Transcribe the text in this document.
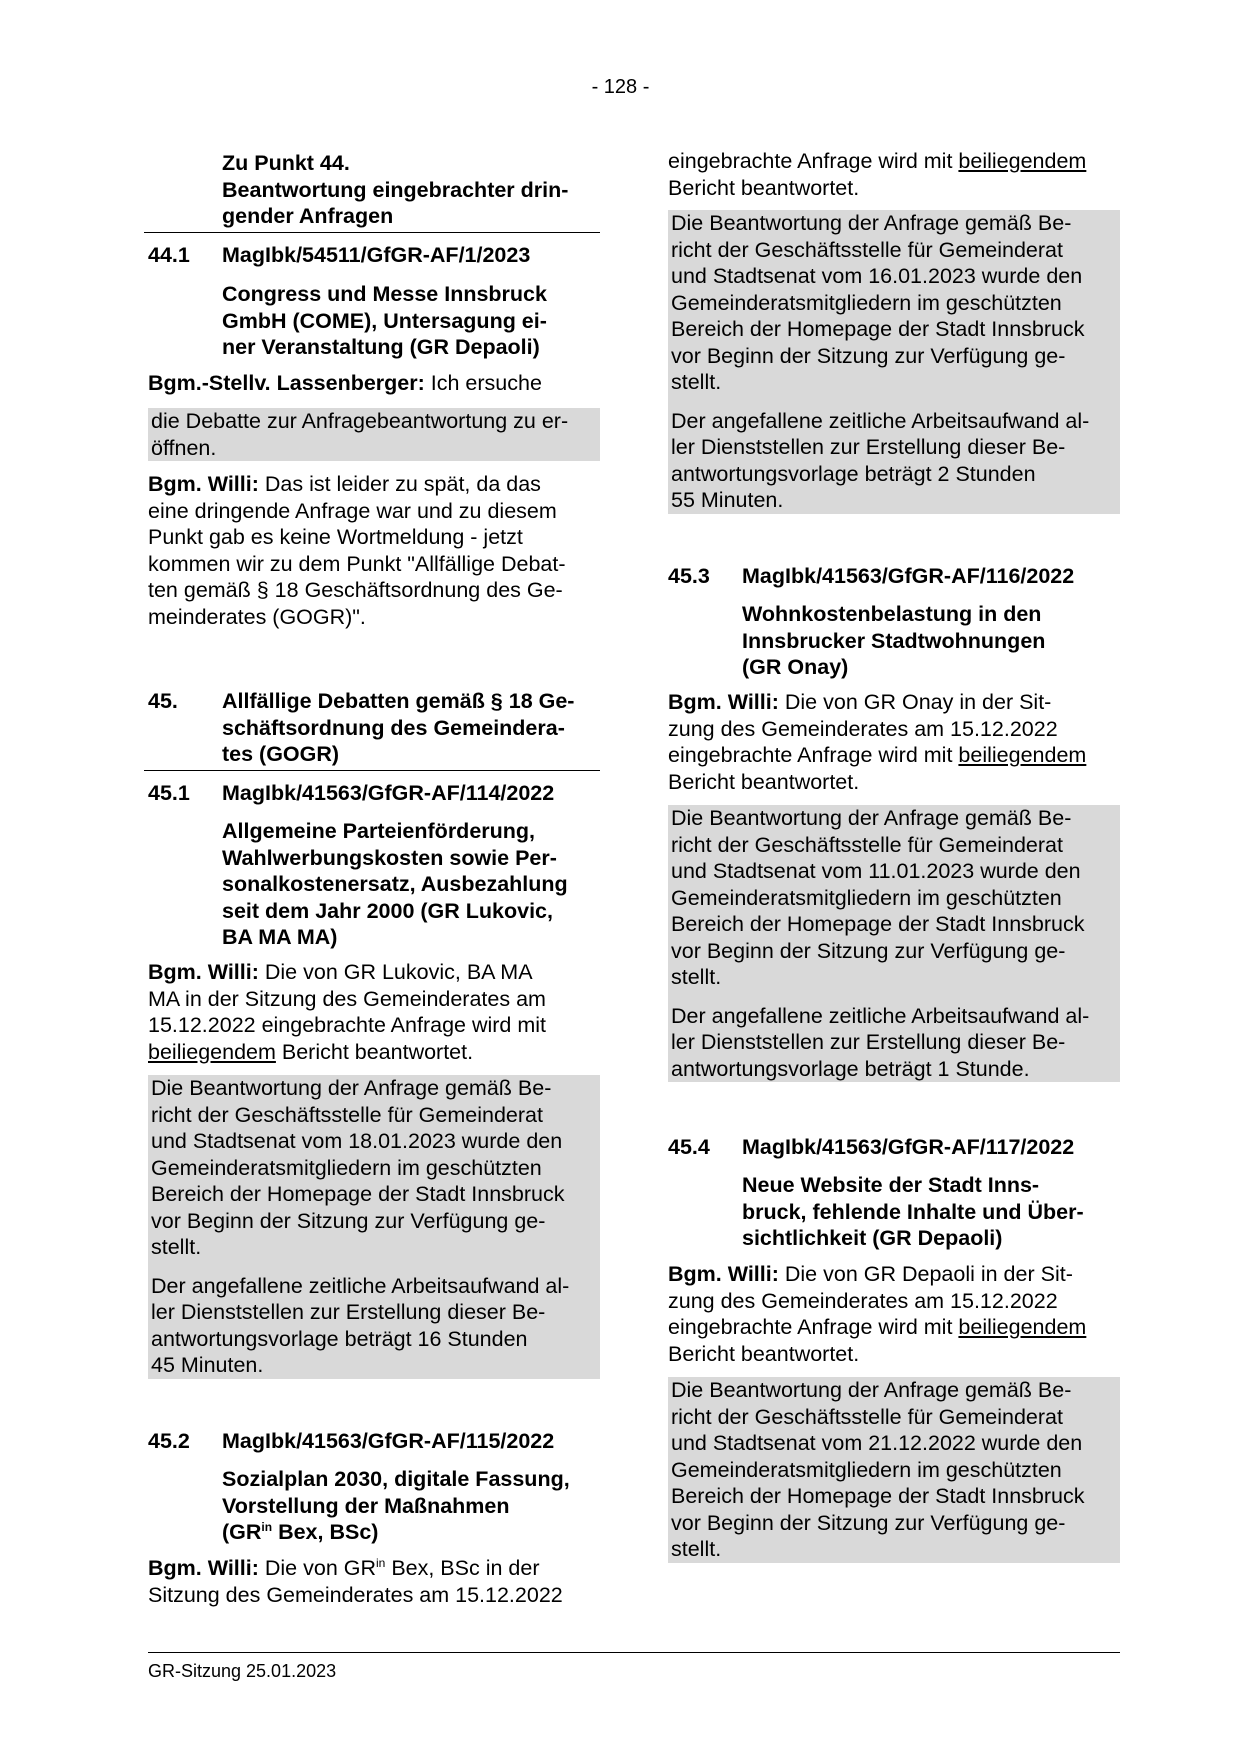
- 128 -
Zu Punkt 44.
Beantwortung eingebrachter drin-
gender Anfragen
44.1 MagIbk/54511/GfGR-AF/1/2023
Congress und Messe Innsbruck
GmbH (COME), Untersagung ei-
ner Veranstaltung (GR Depaoli)
Bgm.-Stellv. Lassenberger: Ich ersuche
die Debatte zur Anfragebeantwortung zu er-
öffnen.
Bgm. Willi: Das ist leider zu spät, da das
eine dringende Anfrage war und zu diesem
Punkt gab es keine Wortmeldung - jetzt
kommen wir zu dem Punkt "Allfällige Debat-
ten gemäß § 18 Geschäftsordnung des Ge-
meinderates (GOGR)".
45. Allfällige Debatten gemäß § 18 Ge-
schäftsordnung des Gemeindera-
tes (GOGR)
45.1 MagIbk/41563/GfGR-AF/114/2022
Allgemeine Parteienförderung,
Wahlwerbungskosten sowie Per-
sonalkostenersatz, Ausbezahlung
seit dem Jahr 2000 (GR Lukovic,
BA MA MA)
Bgm. Willi: Die von GR Lukovic, BA MA
MA in der Sitzung des Gemeinderates am
15.12.2022 eingebrachte Anfrage wird mit
beiliegendem Bericht beantwortet.
Die Beantwortung der Anfrage gemäß Be-
richt der Geschäftsstelle für Gemeinderat
und Stadtsenat vom 18.01.2023 wurde den
Gemeinderatsmitgliedern im geschützten
Bereich der Homepage der Stadt Innsbruck
vor Beginn der Sitzung zur Verfügung ge-
stellt.
Der angefallene zeitliche Arbeitsaufwand al-
ler Dienststellen zur Erstellung dieser Be-
antwortungsvorlage beträgt 16 Stunden
45 Minuten.
45.2 MagIbk/41563/GfGR-AF/115/2022
Sozialplan 2030, digitale Fassung,
Vorstellung der Maßnahmen
($GR^{in}$ Bex, BSc)
Bgm. Willi: Die von $GR^{in}$ Bex, BSc in der
Sitzung des Gemeinderates am 15.12.2022
eingebrachte Anfrage wird mit beiliegendem
Bericht beantwortet.
Die Beantwortung der Anfrage gemäß Be-
richt der Geschäftsstelle für Gemeinderat
und Stadtsenat vom 16.01.2023 wurde den
Gemeinderatsmitgliedern im geschützten
Bereich der Homepage der Stadt Innsbruck
vor Beginn der Sitzung zur Verfügung ge-
stellt.
Der angefallene zeitliche Arbeitsaufwand al-
ler Dienststellen zur Erstellung dieser Be-
antwortungsvorlage beträgt 2 Stunden
55 Minuten.
45.3 MagIbk/41563/GfGR-AF/116/2022
Wohnkostenbelastung in den
Innsbrucker Stadtwohnungen
(GR Onay)
Bgm. Willi: Die von GR Onay in der Sit-
zung des Gemeinderates am 15.12.2022
eingebrachte Anfrage wird mit beiliegendem
Bericht beantwortet.
Die Beantwortung der Anfrage gemäß Be-
richt der Geschäftsstelle für Gemeinderat
und Stadtsenat vom 11.01.2023 wurde den
Gemeinderatsmitgliedern im geschützten
Bereich der Homepage der Stadt Innsbruck
vor Beginn der Sitzung zur Verfügung ge-
stellt.
Der angefallene zeitliche Arbeitsaufwand al-
ler Dienststellen zur Erstellung dieser Be-
antwortungsvorlage beträgt 1 Stunde.
45.4 MagIbk/41563/GfGR-AF/117/2022
Neue Website der Stadt Inns-
bruck, fehlende Inhalte und Über-
sichtlichkeit (GR Depaoli)
Bgm. Willi: Die von GR Depaoli in der Sit-
zung des Gemeinderates am 15.12.2022
eingebrachte Anfrage wird mit beiliegendem
Bericht beantwortet.
Die Beantwortung der Anfrage gemäß Be-
richt der Geschäftsstelle für Gemeinderat
und Stadtsenat vom 21.12.2022 wurde den
Gemeinderatsmitgliedern im geschützten
Bereich der Homepage der Stadt Innsbruck
vor Beginn der Sitzung zur Verfügung ge-
stellt.
GR-Sitzung 25.01.2023
